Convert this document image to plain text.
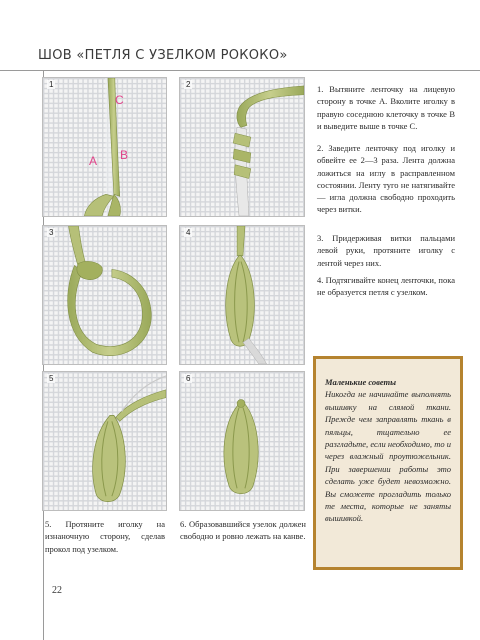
ШОВ «ПЕТЛЯ С УЗЕЛКОМ РОКОКО»
1
C
A B
2
3	4
5	6
1. Вытяните ленточку на лицевую сторону в точке A. Вколите иголку в правую соседнюю клеточку в точке B и выведите выше в точке C.
2. Заведите ленточку под иголку и обвейте ее 2—3 раза. Лента должна ложиться на иглу в расправленном состоянии. Ленту туго не натягивайте — игла должна свободно проходить через витки.
3. Придерживая витки пальцами левой руки, протяните иголку с лентой через них.
4. Подтягивайте конец ленточки, пока не образуется петля с узелком.
Маленькие советы
Никогда не начинайте выполнять вышивку на слямой ткани. Прежде чем заправлять ткань в пяльцы, тщательно ее разгладьте, если необходимо, то и через влажный проутюжельник. При завершении работы это сделать уже будет невозможно. Вы сможете прогладить только те места, которые не заняты вышивкой.
5. Протяните иголку на изнаночную сторону, сделав прокол под узелком.
6. Образовавшийся узелок должен свободно и ровно лежать на канве.
22
